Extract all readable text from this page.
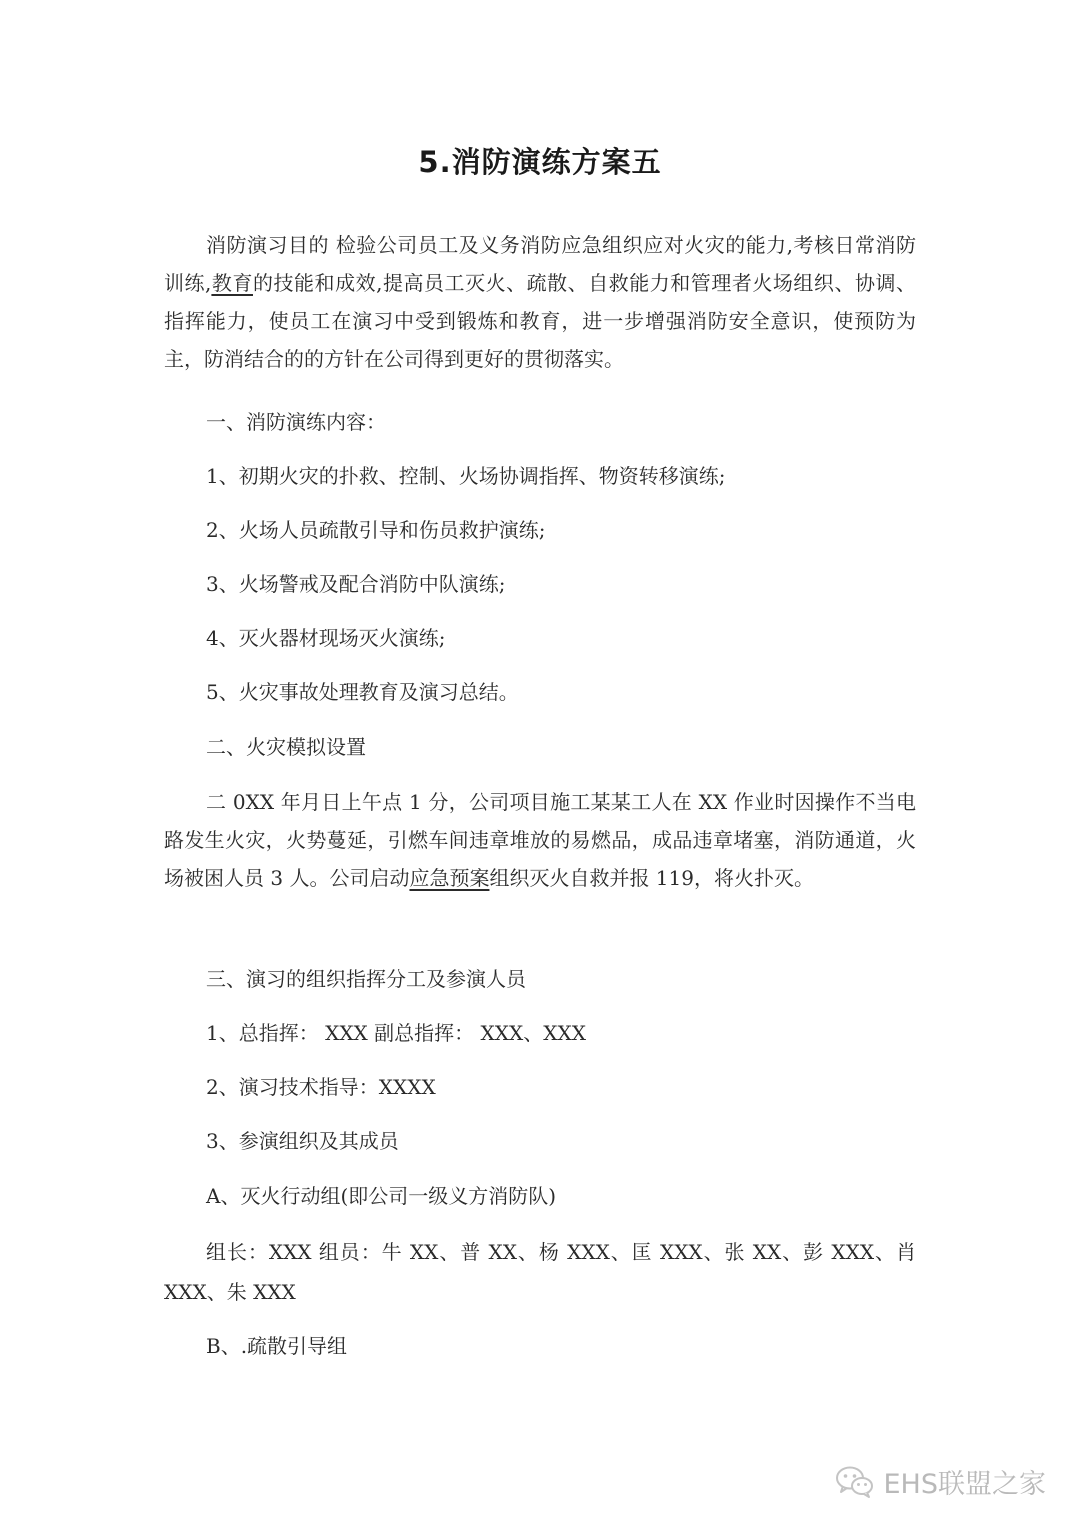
5.消防演练方案五

消防演习目的 检验公司员工及义务消防应急组织应对火灾的能力,考核日常消防训练,教育的技能和成效,提高员工灭火、疏散、自救能力和管理者火场组织、协调、指挥能力，使员工在演习中受到锻炼和教育，进一步增强消防安全意识，使预防为主，防消结合的的方针在公司得到更好的贯彻落实。

一、消防演练内容：
1、初期火灾的扑救、控制、火场协调指挥、物资转移演练;
2、火场人员疏散引导和伤员救护演练;
3、火场警戒及配合消防中队演练;
4、灭火器材现场灭火演练;
5、火灾事故处理教育及演习总结。
二、火灾模拟设置

二 0XX 年月日上午点 1 分，公司项目施工某某工人在 XX 作业时因操作不当电路发生火灾，火势蔓延，引燃车间违章堆放的易燃品，成品违章堵塞，消防通道，火场被困人员 3 人。公司启动应急预案组织灭火自救并报 119，将火扑灭。

三、演习的组织指挥分工及参演人员
1、总指挥： XXX 副总指挥： XXX、XXX
2、演习技术指导：XXXX
3、参演组织及其成员
A、灭火行动组(即公司一级义方消防队)

组长：XXX 组员：牛 XX、普 XX、杨 XXX、匡 XXX、张 XX、彭 XXX、肖 XXX、朱 XXX

B、.疏散引导组
EHS联盟之家
